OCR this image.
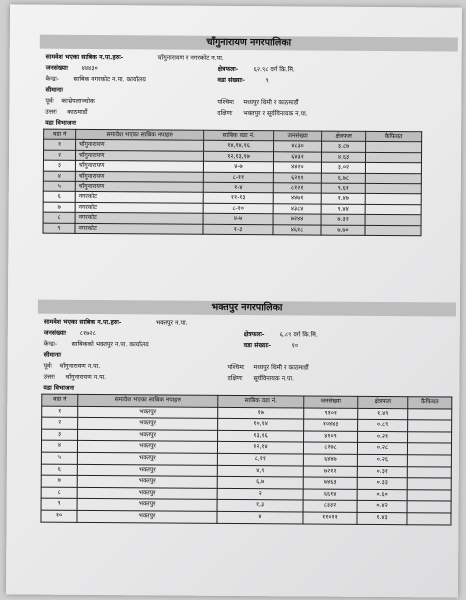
चाँगुनारायण नगरपालिका
सामवेश भएका साबिक न.पा.हरुः-	चाँगुनारायण र नगरकोट न.पा.
जनसंख्याः ४४४३०	क्षेत्रफलः- ६२.९८ वर्ग कि.मि.
केन्द्रः- साबिक नगरकोट न.पा. कार्यालय	वडा संख्याः-	९
सीमानाः
पूर्वः काभ्रेपलाञ्चोक	पश्चिमः मध्यपुर थिमी र काठमाडौं
उत्तरः काठमाडौं	दक्षिणः भक्तपुर र सूर्यविनायक न.पा.
वडा विभाजनः
वडा नं	समावेश भएका साबिक नपाहरु	साबिक वडा नं.	जनसंख्या	क्षेत्रफल	कैफियत
१	चाँगुनारायण	१४,१४,१६	४८३०	३.८७	
२	चाँगुनारायण	१२,१३,१७	६४३२	४.६३	
३	चाँगुनारायण	४-७	४४२०	३.०२	
४	चाँगुनारायण	८-११	६२११	६.७८	
५	चाँगुनारायण	१-४	८१२१	९.६१	
६	नगरकोट	११-१३	४४७१	१.४७	
७	नगरकोट	८-१०	४३८४	९.४४	
८	नगरकोट	४-७	७२४४	७.३२	
९	नगरकोट	१-३	४६१८	७.७०	
भक्तपुर नगरपालिका
सामवेश भएका साबिक न.पा.हरुः-	भक्तपुर न.पा.
जनसंख्याः ८१७२८	क्षेत्रफलः- ६.८९ वर्ग कि.मि.
केन्द्रः- साबिकको भक्तपुर न.पा. कार्यालय	वडा संख्याः-	१०
सीमानाः
पूर्वः चाँगुनारायण न.पा.	पश्चिमः मध्यपुर थिमी र काठमाडौं
उत्तरः चाँगुनारायण न.पा.	दक्षिणः सूर्यविनायक न.पा.
वडा विभाजनः
वडा नं	समावेश भएका साबिक नपाहरु	साबिक वडा नं.	जनसंख्या	क्षेत्रफल	कैफियत
१	भक्तपुर	१७	९१०१	१.४९	
२	भक्तपुर	१०,१४	१०४४३	०.८९	
३	भक्तपुर	१३,१६	४१०९	०.२१	
४	भक्तपुर	१२,१४	८२७८	०.२८	
५	भक्तपुर	८,११	६४४७	०.२६	
६	भक्तपुर	४,९	७२१२	०.३१	
७	भक्तपुर	६,७	७४६३	०.३३	
८	भक्तपुर	२	६६१४	०.६०	
९	भक्तपुर	१,३	८३३२	०.४२	
१०	भक्तपुर	४	११०११	१.४३	
